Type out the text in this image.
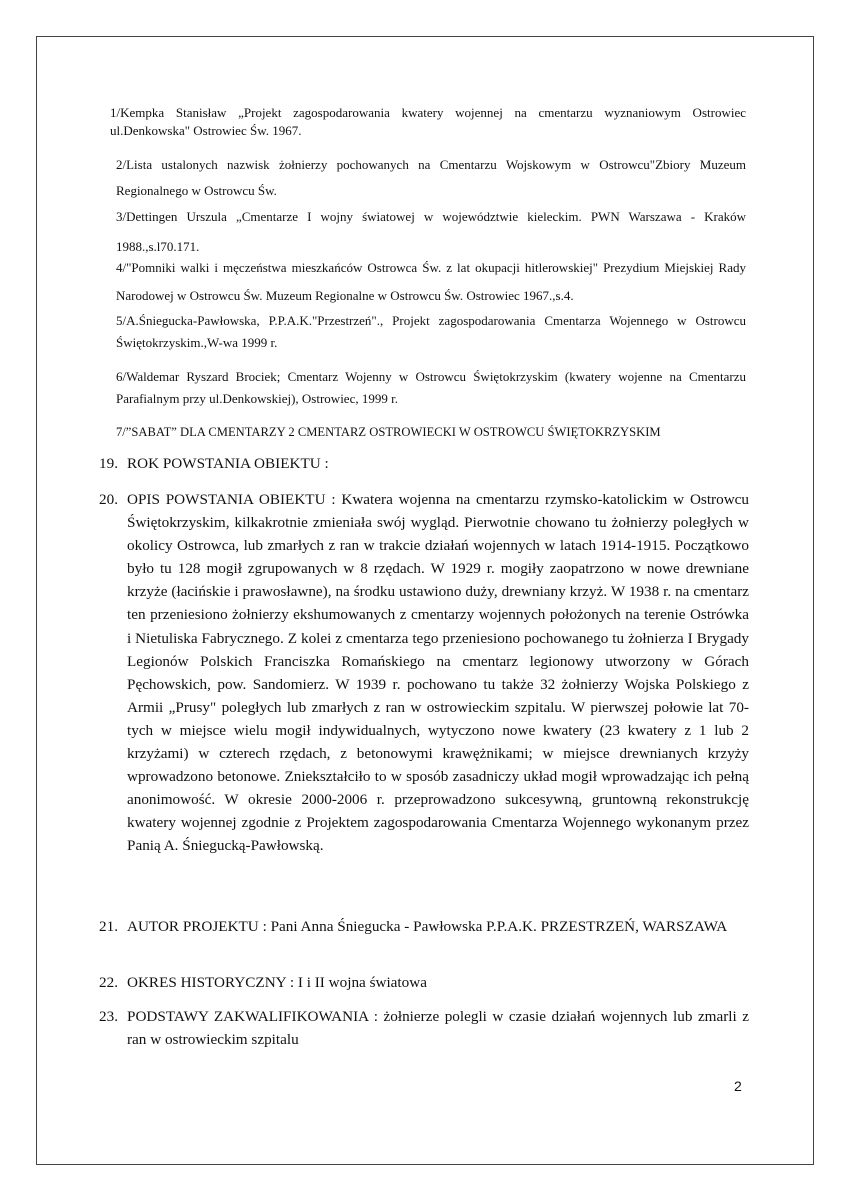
1/Kempka Stanisław „Projekt zagospodarowania kwatery wojennej na cmentarzu wyznaniowym Ostrowiec ul.Denkowska" Ostrowiec Św. 1967.

2/Lista ustalonych nazwisk żołnierzy pochowanych na Cmentarzu Wojskowym w Ostrowcu"Zbiory Muzeum Regionalnego w Ostrowcu Św.

3/Dettingen Urszula „Cmentarze I wojny światowej w województwie kieleckim. PWN Warszawa - Kraków 1988.,s.l70.171.

4/"Pomniki walki i męczeństwa mieszkańców Ostrowca Św. z lat okupacji hitlerowskiej" Prezydium Miejskiej Rady Narodowej w Ostrowcu Św. Muzeum Regionalne w Ostrowcu Św. Ostrowiec 1967.,s.4.

5/A.Śniegucka-Pawłowska, P.P.A.K."Przestrzeń"., Projekt zagospodarowania Cmentarza Wojennego w Ostrowcu Świętokrzyskim.,W-wa 1999 r.

6/Waldemar Ryszard Brociek; Cmentarz Wojenny w Ostrowcu Świętokrzyskim (kwatery wojenne na Cmentarzu Parafialnym przy ul.Denkowskiej), Ostrowiec, 1999 r.

7/”SABAT” DLA CMENTARZY 2 CMENTARZ OSTROWIECKI W OSTROWCU ŚWIĘTOKRZYSKIM

19. ROK POWSTANIA OBIEKTU :
20. OPIS POWSTANIA OBIEKTU : Kwatera wojenna na cmentarzu rzymsko-katolickim w Ostrowcu Świętokrzyskim, kilkakrotnie zmieniała swój wygląd. Pierwotnie chowano tu żołnierzy poległych w okolicy Ostrowca, lub zmarłych z ran w trakcie działań wojennych w latach 1914-1915. Początkowo było tu 128 mogił zgrupowanych w 8 rzędach. W 1929 r. mogiły zaopatrzono w nowe drewniane krzyże (łacińskie i prawosławne), na środku ustawiono duży, drewniany krzyż. W 1938 r. na cmentarz ten przeniesiono żołnierzy ekshumowanych z cmentarzy wojennych położonych na terenie Ostrówka i Nietuliska Fabrycznego. Z kolei z cmentarza tego przeniesiono pochowanego tu żołnierza I Brygady Legionów Polskich Franciszka Romańskiego na cmentarz legionowy utworzony w Górach Pęchowskich, pow. Sandomierz. W 1939 r. pochowano tu także 32 żołnierzy Wojska Polskiego z Armii „Prusy" poległych lub zmarłych z ran w ostrowieckim szpitalu. W pierwszej połowie lat 70-tych w miejsce wielu mogił indywidualnych, wytyczono nowe kwatery (23 kwatery z 1 lub 2 krzyżami) w czterech rzędach, z betonowymi krawężnikami; w miejsce drewnianych krzyży wprowadzono betonowe. Zniekształciło to w sposób zasadniczy układ mogił wprowadzając ich pełną anonimowość. W okresie 2000-2006 r. przeprowadzono sukcesywną, gruntowną rekonstrukcję kwatery wojennej zgodnie z Projektem zagospodarowania Cmentarza Wojennego wykonanym przez Panią A. Śniegucką-Pawłowską.
21. AUTOR PROJEKTU : Pani Anna Śniegucka - Pawłowska P.P.A.K. PRZESTRZEŃ, WARSZAWA
22. OKRES HISTORYCZNY : I i II wojna światowa
23. PODSTAWY ZAKWALIFIKOWANIA : żołnierze polegli w czasie działań wojennych lub zmarli z ran w ostrowieckim szpitalu
2
